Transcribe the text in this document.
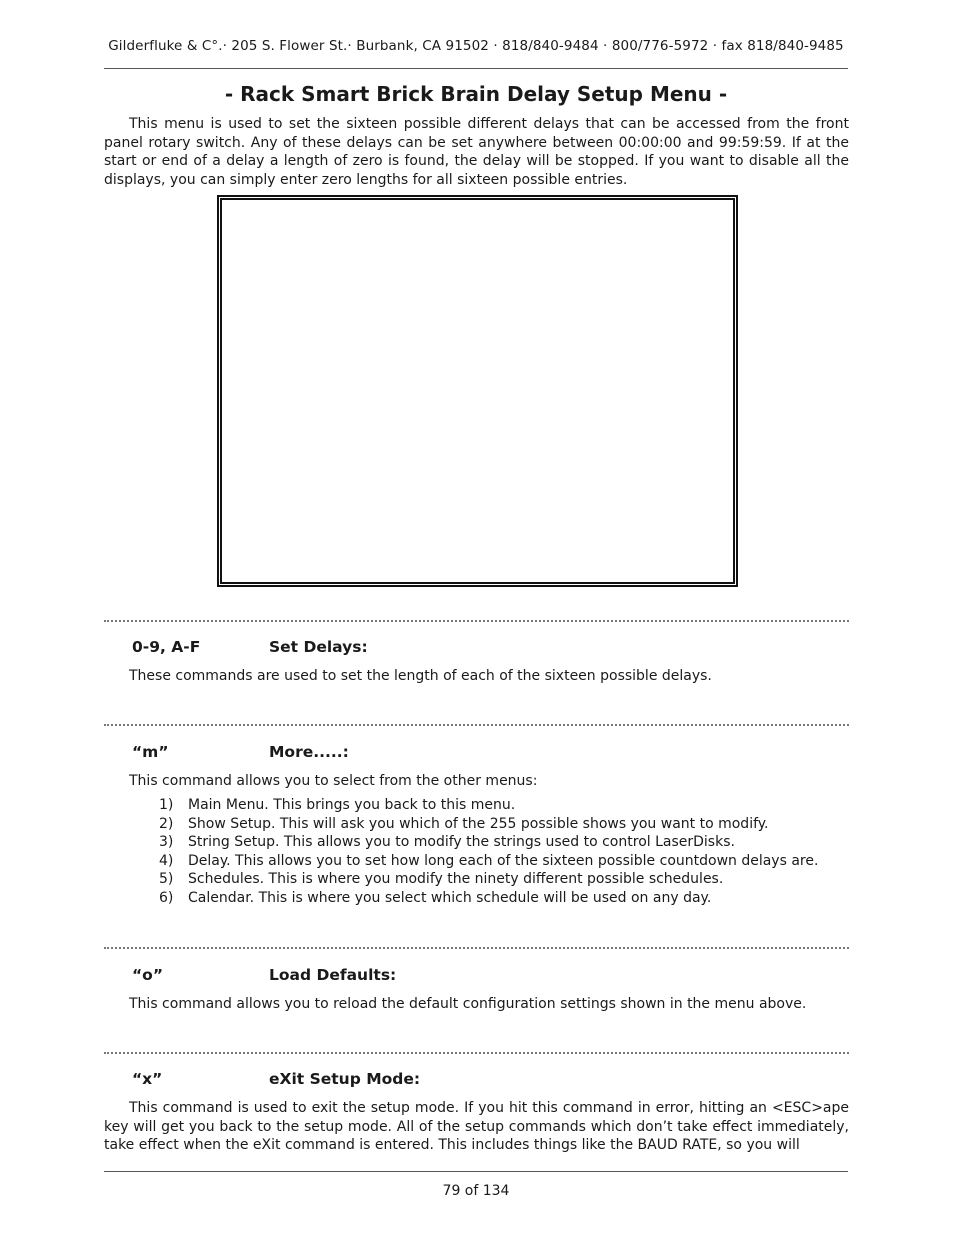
Gilderfluke & C°.· 205 S. Flower St.· Burbank, CA 91502 · 818/840-9484 · 800/776-5972 · fax 818/840-9485
- Rack Smart Brick Brain Delay Setup Menu -
This menu is used to set the sixteen possible different delays that can be accessed from the front panel rotary switch. Any of these delays can be set anywhere between 00:00:00 and 99:59:59. If at the start or end of a delay a length of zero is found, the delay will be stopped. If you want to disable all the displays, you can simply enter zero lengths for all sixteen possible entries.
0-9, A-F	Set Delays:
These commands are used to set the length of each of the sixteen possible delays.
“m”	More.....:
This command allows you to select from the other menus:
1)	Main Menu. This brings you back to this menu.
2)	Show Setup. This will ask you which of the 255 possible shows you want to modify.
3)	String Setup. This allows you to modify the strings used to control LaserDisks.
4)	Delay. This allows you to set how long each of the sixteen possible countdown delays are.
5)	Schedules. This is where you modify the ninety different possible schedules.
6)	Calendar. This is where you select which schedule will be used on any day.
“o”	Load Defaults:
This command allows you to reload the default configuration settings shown in the menu above.
“x”	eXit Setup Mode:
This command is used to exit the setup mode. If you hit this command in error, hitting an <ESC>ape key will get you back to the setup mode. All of the setup commands which don’t take effect immediately, take effect when the eXit command is entered. This includes things like the BAUD RATE, so you will
79 of 134
